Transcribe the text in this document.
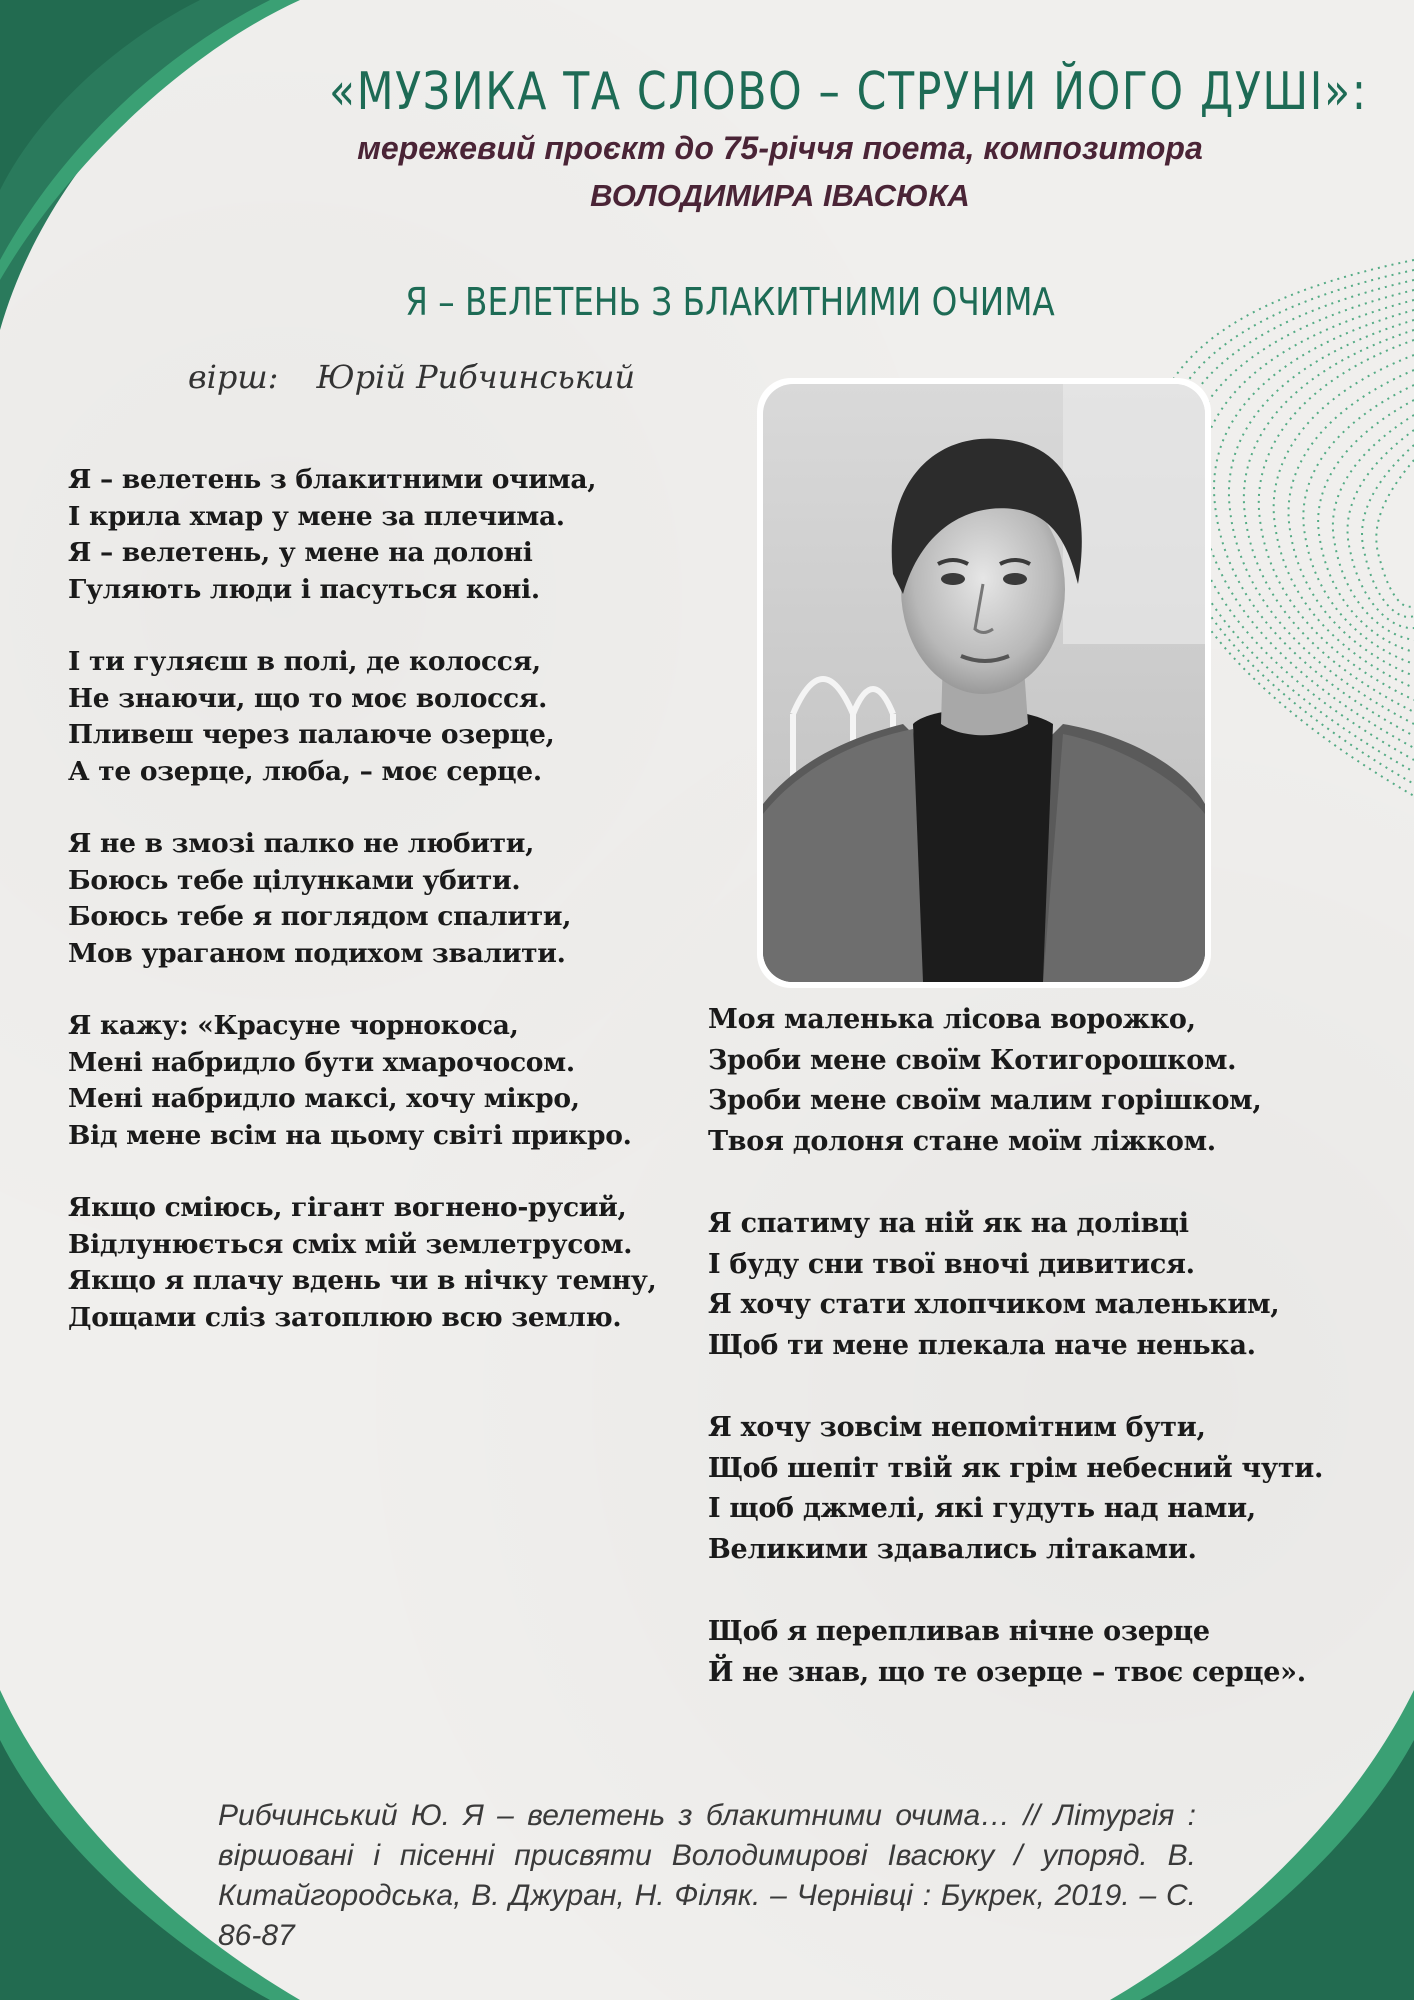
«МУЗИКА ТА СЛОВО – СТРУНИ ЙОГО ДУШІ»:
мережевий проєкт до 75-річчя поета, композитора
ВОЛОДИМИРА ІВАСЮКА
Я – ВЕЛЕТЕНЬ З БЛАКИТНИМИ ОЧИМА
вірш: Юрій Рибчинський
Я – велетень з блакитними очима,
І крила хмар у мене за плечима.
Я – велетень, у мене на долоні
Гуляють люди і пасуться коні.
І ти гуляєш в полі, де колосся,
Не знаючи, що то моє волосся.
Пливеш через палаюче озерце,
А те озерце, люба, – моє серце.
Я не в змозі палко не любити,
Боюсь тебе цілунками убити.
Боюсь тебе я поглядом спалити,
Мов ураганом подихом звалити.
Я кажу: «Красуне чорнокоса,
Мені набридло бути хмарочосом.
Мені набридло максі, хочу мікро,
Від мене всім на цьому світі прикро.
Якщо сміюсь, гігант вогнено-русий,
Відлунюється сміх мій землетрусом.
Якщо я плачу вдень чи в нічку темну,
Дощами сліз затоплюю всю землю.
Моя маленька лісова ворожко,
Зроби мене своїм Котигорошком.
Зроби мене своїм малим горішком,
Твоя долоня стане моїм ліжком.
Я спатиму на ній як на долівці
І буду сни твої вночі дивитися.
Я хочу стати хлопчиком маленьким,
Щоб ти мене плекала наче ненька.
Я хочу зовсім непомітним бути,
Щоб шепіт твій як грім небесний чути.
І щоб джмелі, які гудуть над нами,
Великими здавались літаками.
Щоб я перепливав нічне озерце
Й не знав, що те озерце – твоє серце».
Рибчинський Ю. Я – велетень з блакитними очима… // Літургія : віршовані і пісенні присвяти Володимирові Івасюку / упоряд. В. Китайгородська, В. Джуран, Н. Філяк. – Чернівці : Букрек, 2019. – С. 86-87
